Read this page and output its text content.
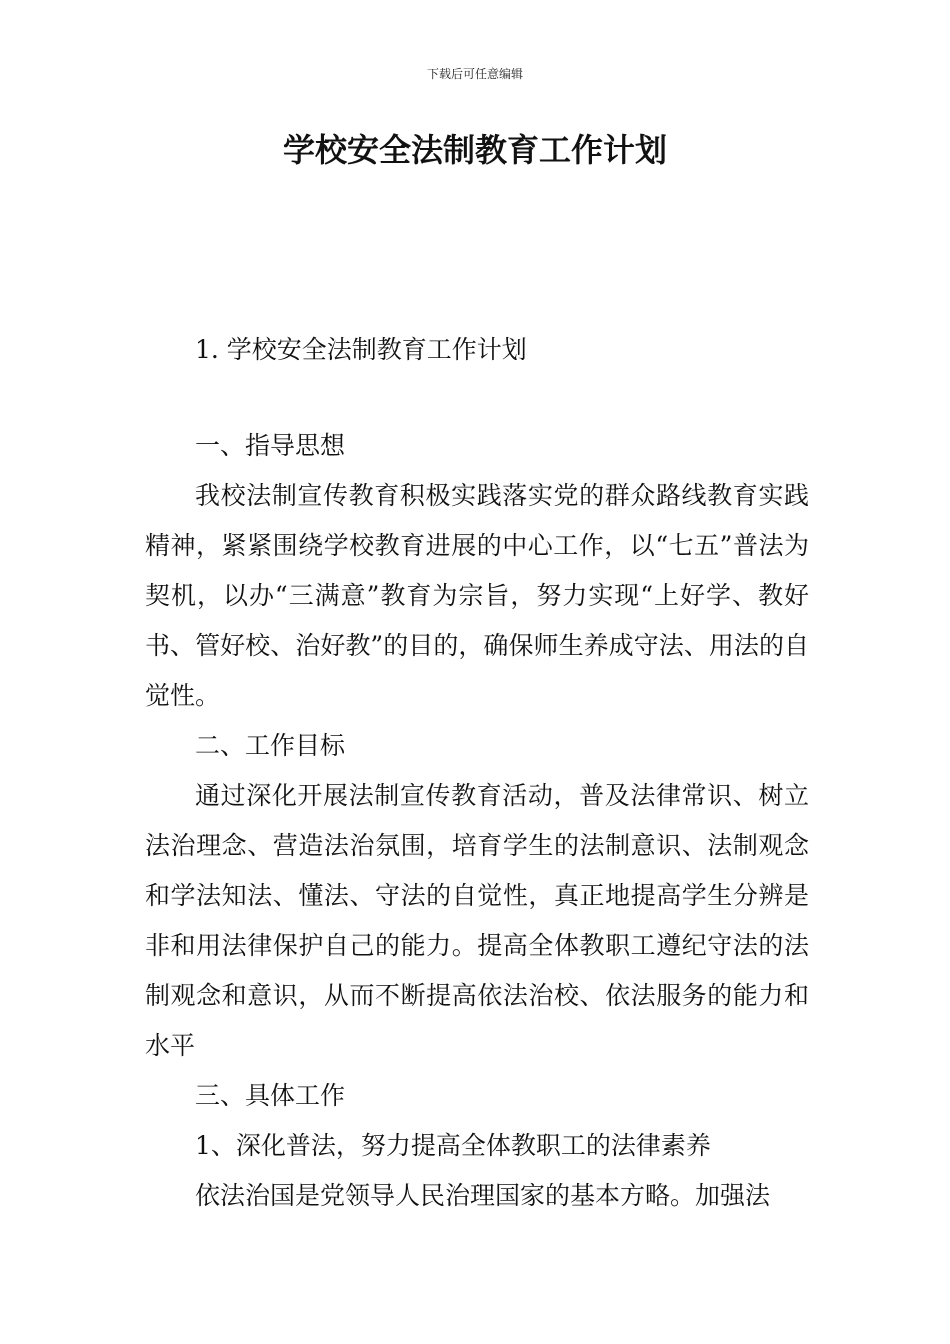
下载后可任意编辑
学校安全法制教育工作计划

1. 学校安全法制教育工作计划

一、指导思想

我校法制宣传教育积极实践落实党的群众路线教育实践精神，紧紧围绕学校教育进展的中心工作，以“七五”普法为契机，以办“三满意”教育为宗旨，努力实现“上好学、教好书、管好校、治好教”的目的，确保师生养成守法、用法的自觉性。

二、工作目标

通过深化开展法制宣传教育活动，普及法律常识、树立法治理念、营造法治氛围，培育学生的法制意识、法制观念和学法知法、懂法、守法的自觉性，真正地提高学生分辨是非和用法律保护自己的能力。提高全体教职工遵纪守法的法制观念和意识，从而不断提高依法治校、依法服务的能力和水平

三、具体工作

1、深化普法，努力提高全体教职工的法律素养

依法治国是党领导人民治理国家的基本方略。加强法
